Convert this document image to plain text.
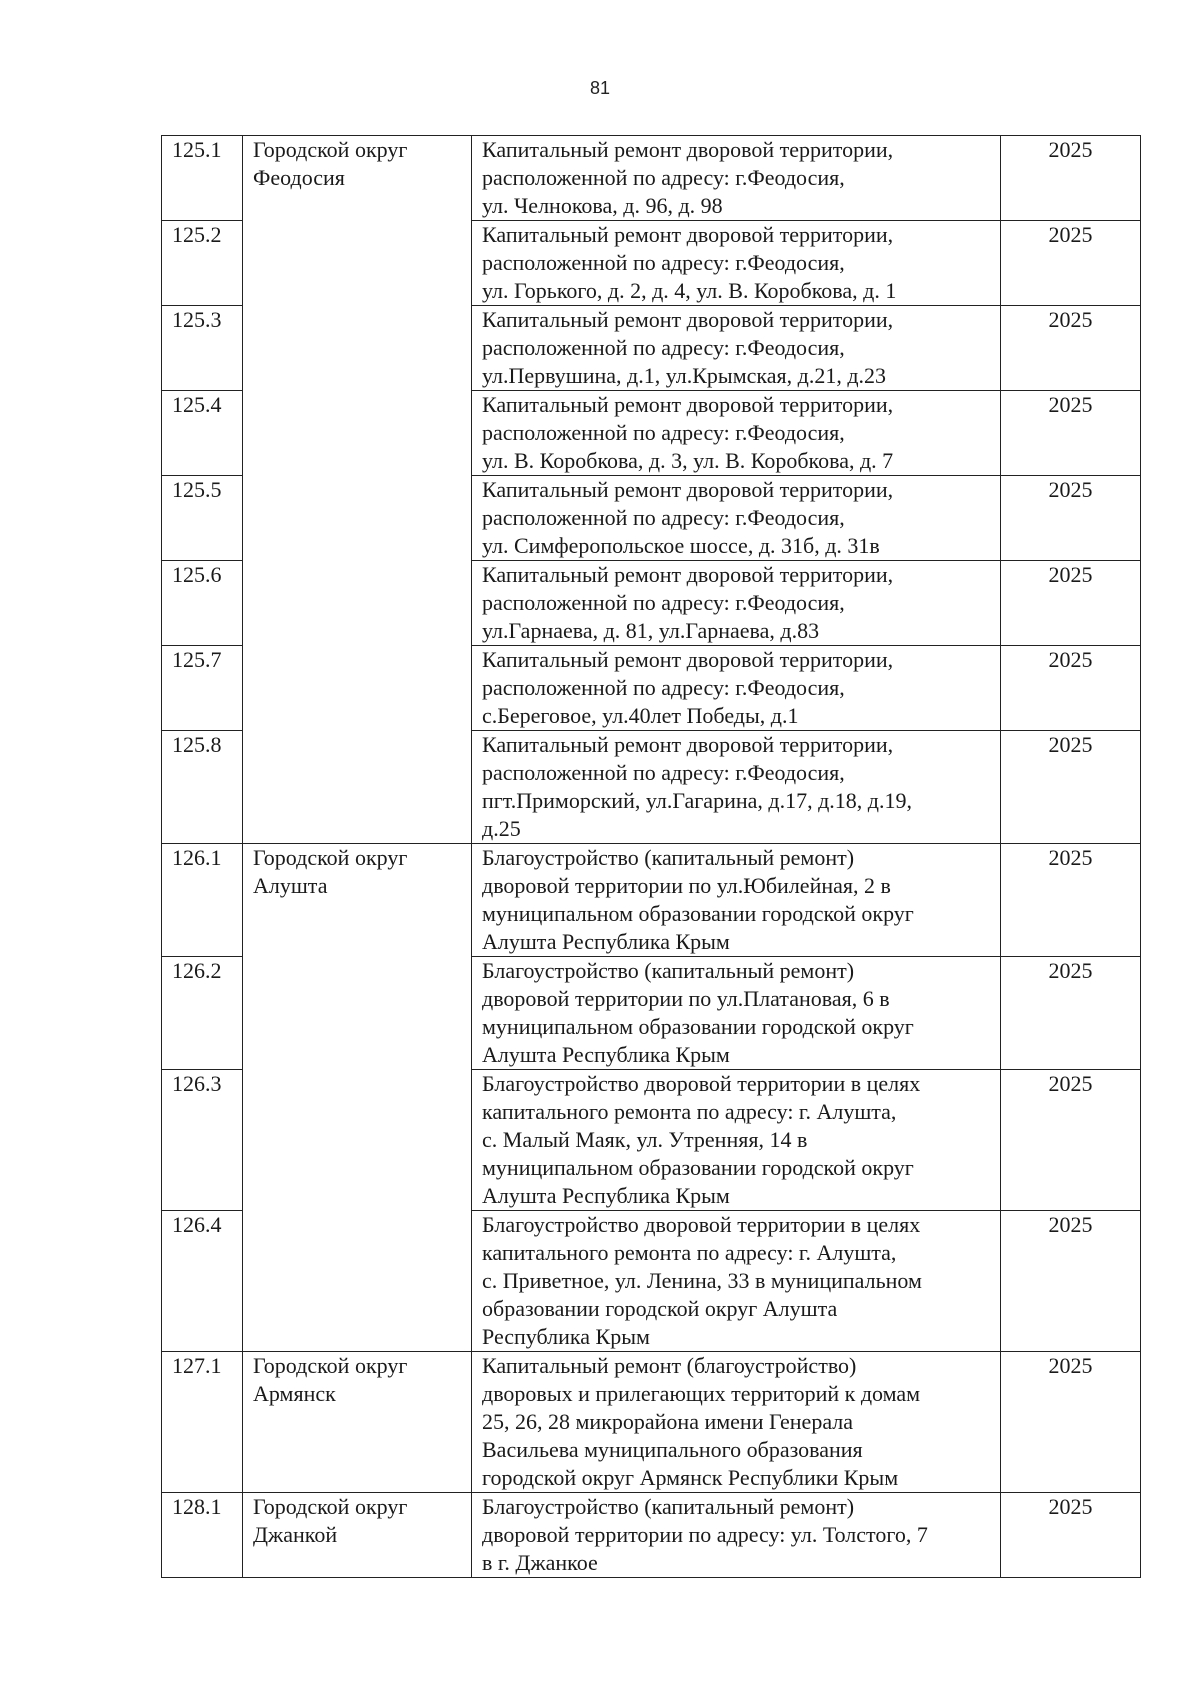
81
125.1	Городской округ
Феодосия	Капитальный ремонт дворовой территории,
расположенной по адресу: г.Феодосия,
ул. Челнокова, д. 96, д. 98	2025
125.2		Капитальный ремонт дворовой территории,
расположенной по адресу: г.Феодосия,
ул. Горького, д. 2, д. 4, ул. В. Коробкова, д. 1	2025
125.3		Капитальный ремонт дворовой территории,
расположенной по адресу: г.Феодосия,
ул.Первушина, д.1, ул.Крымская, д.21, д.23	2025
125.4		Капитальный ремонт дворовой территории,
расположенной по адресу: г.Феодосия,
ул. В. Коробкова, д. 3, ул. В. Коробкова, д. 7	2025
125.5		Капитальный ремонт дворовой территории,
расположенной по адресу: г.Феодосия,
ул. Симферопольское шоссе, д. 31б, д. 31в	2025
125.6		Капитальный ремонт дворовой территории,
расположенной по адресу: г.Феодосия,
ул.Гарнаева, д. 81, ул.Гарнаева, д.83	2025
125.7		Капитальный ремонт дворовой территории,
расположенной по адресу: г.Феодосия,
с.Береговое, ул.40лет Победы, д.1	2025
125.8		Капитальный ремонт дворовой территории,
расположенной по адресу: г.Феодосия,
пгт.Приморский, ул.Гагарина, д.17, д.18, д.19,
д.25	2025
126.1	Городской округ
Алушта	Благоустройство (капитальный ремонт)
дворовой территории по ул.Юбилейная, 2 в
муниципальном образовании городской округ
Алушта Республика Крым	2025
126.2		Благоустройство (капитальный ремонт)
дворовой территории по ул.Платановая, 6 в
муниципальном образовании городской округ
Алушта Республика Крым	2025
126.3		Благоустройство дворовой территории в целях
капитального ремонта по адресу: г. Алушта,
с. Малый Маяк, ул. Утренняя, 14 в
муниципальном образовании городской округ
Алушта Республика Крым	2025
126.4		Благоустройство дворовой территории в целях
капитального ремонта по адресу: г. Алушта,
с. Приветное, ул. Ленина, 33 в муниципальном
образовании городской округ Алушта
Республика Крым	2025
127.1	Городской округ
Армянск	Капитальный ремонт (благоустройство)
дворовых и прилегающих территорий к домам
25, 26, 28 микрорайона имени Генерала
Васильева муниципального образования
городской округ Армянск Республики Крым	2025
128.1	Городской округ
Джанкой	Благоустройство (капитальный ремонт)
дворовой территории по адресу: ул. Толстого, 7
в г. Джанкое	2025
